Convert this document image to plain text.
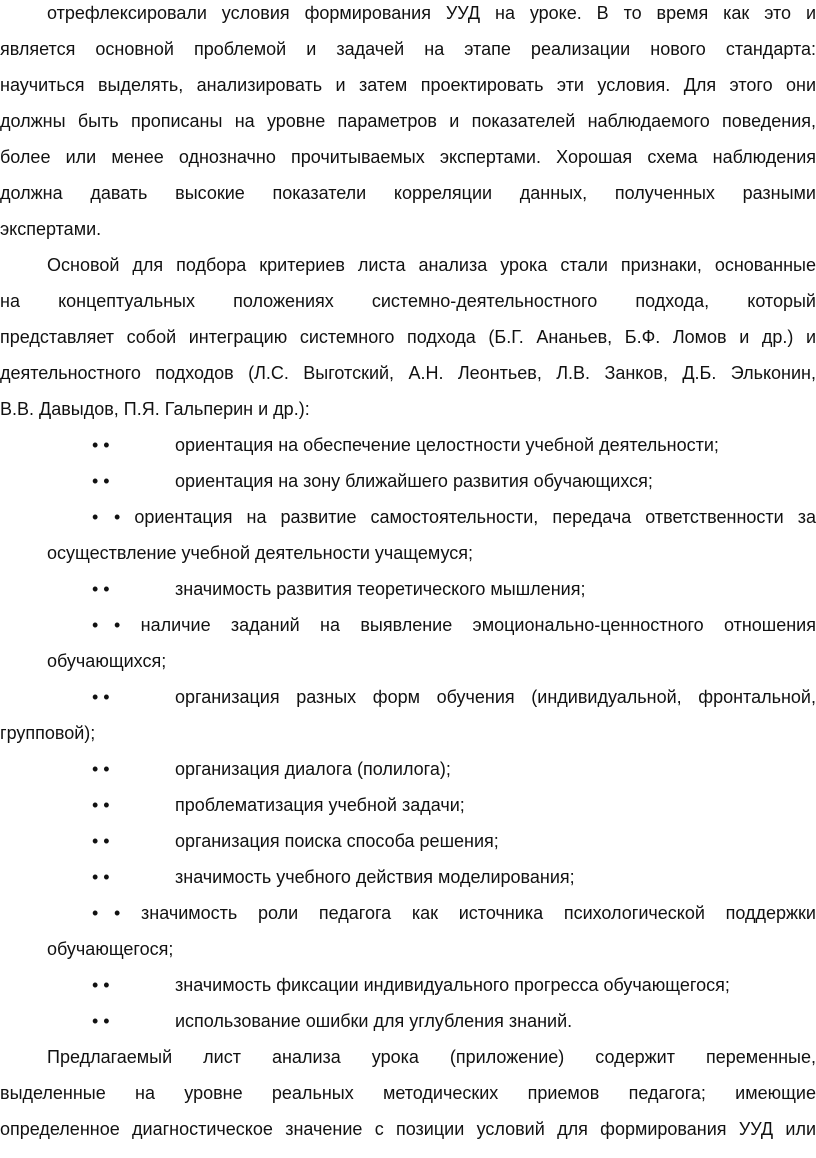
отрефлексировали условия формирования УУД на уроке. В то время как это и
является основной проблемой и задачей на этапе реализации нового стандарта:
научиться выделять, анализировать и затем проектировать эти условия. Для этого они
должны быть прописаны на уровне параметров и показателей наблюдаемого поведения,
более или менее однозначно прочитываемых экспертами. Хорошая схема наблюдения
должна давать высокие показатели корреляции данных, полученных разными
экспертами.
Основой для подбора критериев листа анализа урока стали признаки, основанные
на концептуальных положениях системно-деятельностного подхода, который
представляет собой интеграцию системного подхода (Б.Г. Ананьев, Б.Ф. Ломов и др.) и
деятельностного подходов (Л.С. Выготский, А.Н. Леонтьев, Л.В. Занков, Д.Б. Эльконин,
В.В. Давыдов, П.Я. Гальперин и др.):
• •	ориентация на обеспечение целостности учебной деятельности;
• •	ориентация на зону ближайшего развития обучающихся;
• • ориентация на развитие самостоятельности, передача ответственности за
осуществление учебной деятельности учащемуся;
• •	значимость развития теоретического мышления;
• • наличие заданий на выявление эмоционально-ценностного отношения
обучающихся;
• •	организация разных форм обучения (индивидуальной, фронтальной,
групповой);
• •	организация диалога (полилога);
• •	проблематизация учебной задачи;
• •	организация поиска способа решения;
• •	значимость учебного действия моделирования;
• • значимость роли педагога как источника психологической поддержки
обучающегося;
• •	значимость фиксации индивидуального прогресса обучающегося;
• •	использование ошибки для углубления знаний.
Предлагаемый лист анализа урока (приложение) содержит переменные,
выделенные на уровне реальных методических приемов педагога; имеющие
определенное диагностическое значение с позиции условий для формирования УУД или
